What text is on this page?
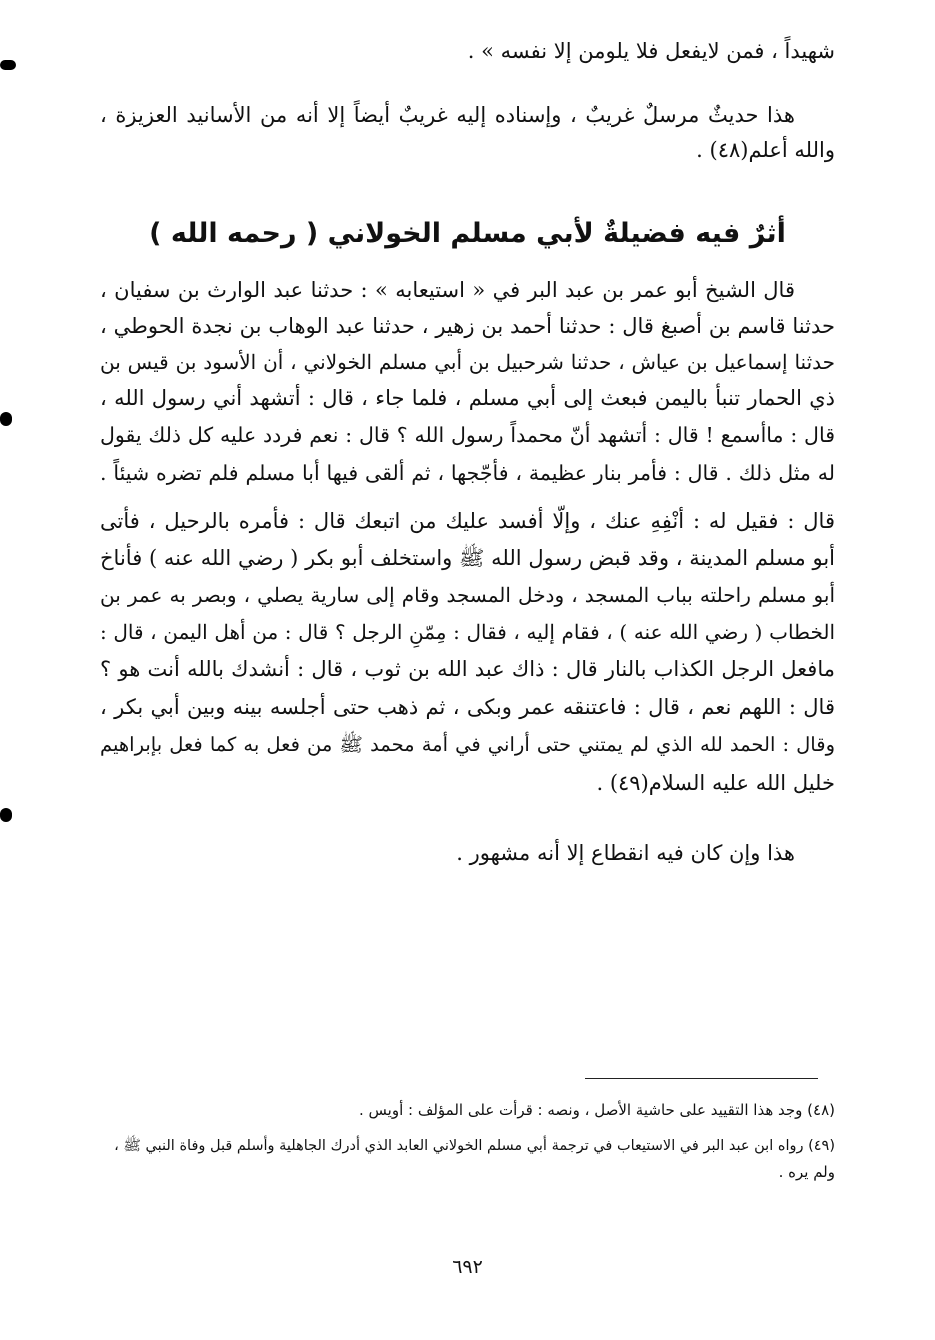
شهيداً ، فمن لايفعل فلا يلومن إلا نفسه » .
هذا حديثٌ مرسلٌ غريبٌ ، وإسناده إليه غريبٌ أيضاً إلا أنه من الأسانيد العزيزة ،
والله أعلم(٤٨) .
أثرٌ فيه فضيلةٌ لأبي مسلم الخولاني ( رحمه الله )
قال الشيخ أبو عمر بن عبد البر في « استيعابه » : حدثنا عبد الوارث بن سفيان ،
حدثنا قاسم بن أصبغ قال : حدثنا أحمد بن زهير ، حدثنا عبد الوهاب بن نجدة الحوطي ،
حدثنا إسماعيل بن عياش ، حدثنا شرحبيل بن أبي مسلم الخولاني ، أن الأسود بن قيس بن
ذي الحمار تنبأ باليمن فبعث إلى أبي مسلم ، فلما جاء ، قال : أتشهد أني رسول الله ،
قال : ماأسمع ! قال : أتشهد أنّ محمداً رسول الله ؟ قال : نعم فردد عليه كل ذلك يقول
له مثل ذلك . قال : فأمر بنار عظيمة ، فأجّجها ، ثم ألقى فيها أبا مسلم فلم تضره شيئاً .
قال : فقيل له : أنْفِهِ عنك ، وإلّا أفسد عليك من اتبعك قال : فأمره بالرحيل ، فأتى
أبو مسلم المدينة ، وقد قبض رسول الله ﷺ واستخلف أبو بكر ( رضي الله عنه ) فأناخ
أبو مسلم راحلته بباب المسجد ، ودخل المسجد وقام إلى سارية يصلي ، وبصر به عمر بن
الخطاب ( رضي الله عنه ) ، فقام إليه ، فقال : مِمّنِ الرجل ؟ قال : من أهل اليمن ، قال :
مافعل الرجل الكذاب بالنار قال : ذاك عبد الله بن ثوب ، قال : أنشدك بالله أنت هو ؟
قال : اللهم نعم ، قال : فاعتنقه عمر وبكى ، ثم ذهب حتى أجلسه بينه وبين أبي بكر ،
وقال : الحمد لله الذي لم يمتني حتى أراني في أمة محمد ﷺ من فعل به كما فعل بإبراهيم
خليل الله عليه السلام(٤٩) .
هذا وإن كان فيه انقطاع إلا أنه مشهور .
(٤٨) وجد هذا التقييد على حاشية الأصل ، ونصه : قرأت على المؤلف : أويس .
(٤٩) رواه ابن عبد البر في الاستيعاب في ترجمة أبي مسلم الخولاني العابد الذي أدرك الجاهلية وأسلم قبل وفاة النبي ﷺ ،
ولم يره .
٦٩٢
